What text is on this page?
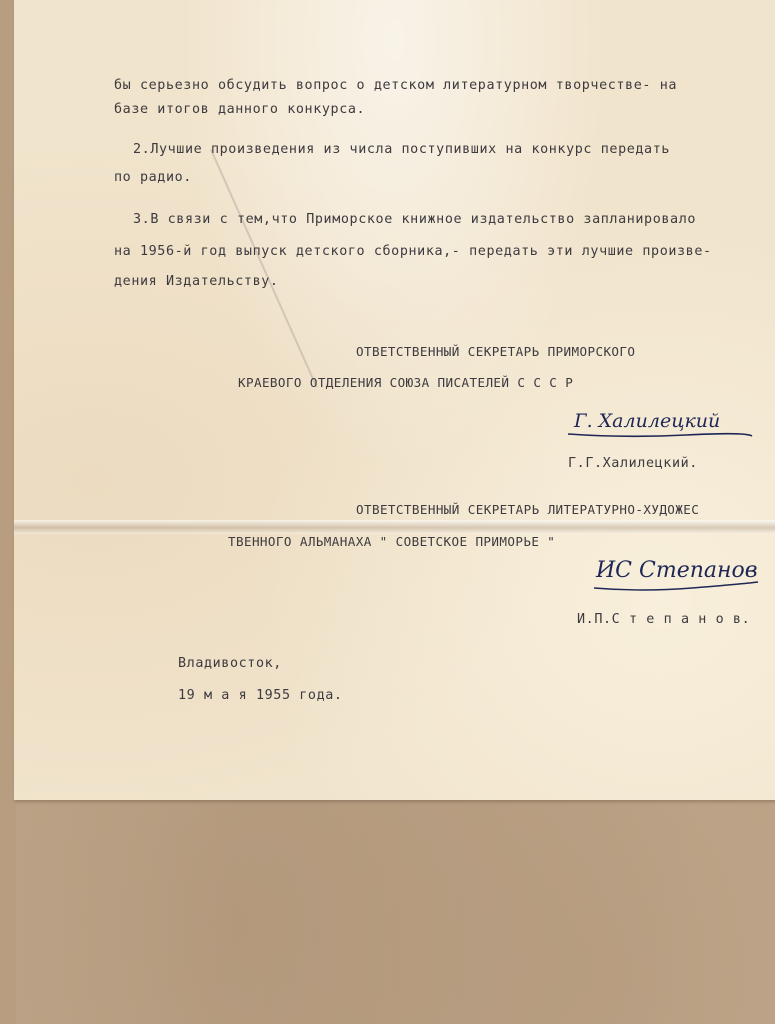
бы серьезно обсудить вопрос о детском литературном творчестве- на
базе итогов данного конкурса.
2.Лучшие произведения из числа поступивших на конкурс передать
по радио.
3.В связи с тем,что Приморское книжное издательство запланировало
на 1956-й год выпуск детского сборника,- передать эти лучшие произве-
дения Издательству.
ОТВЕТСТВЕННЫЙ СЕКРЕТАРЬ ПРИМОРСКОГО
КРАЕВОГО ОТДЕЛЕНИЯ СОЮЗА ПИСАТЕЛЕЙ С С С Р
Г. Халилецкий
Г.Г.Халилецкий.
ОТВЕТСТВЕННЫЙ СЕКРЕТАРЬ ЛИТЕРАТУРНО-ХУДОЖЕС
ТВЕННОГО АЛЬМАНАХА " СОВЕТСКОЕ ПРИМОРЬЕ "
ИС Степанов
И.П.С т е п а н о в.
Владивосток,
19 м а я 1955 года.
